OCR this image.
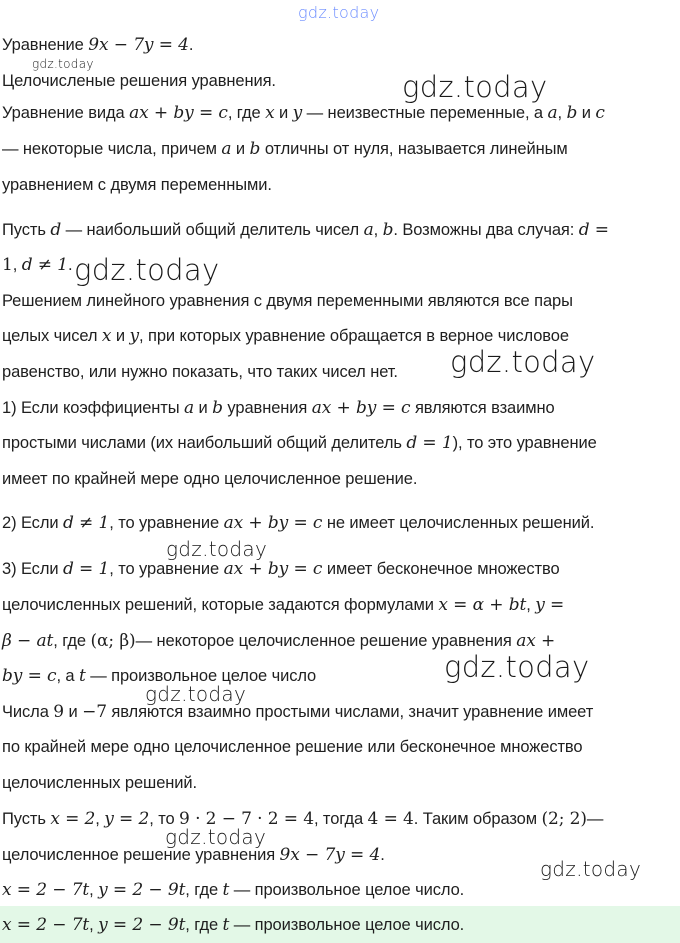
gdz.today
gdz.today
gdz.today
gdz.today
gdz.today
gdz.today
gdz.today
gdz.today
gdz.today
gdz.today
Уравнение 9x − 7y = 4.
Целочисленые решения уравнения.
Уравнение вида ax + by = c, где x и y — неизвестные переменные, а a, b и c
— некоторые числа, причем a и b отличны от нуля, называется линейным
уравнением с двумя переменными.
Пусть d — наибольший общий делитель чисел a, b. Возможны два случая: d =
1, d ≠ 1.
Решением линейного уравнения с двумя переменными являются все пары
целых чисел x и y, при которых уравнение обращается в верное числовое
равенство, или нужно показать, что таких чисел нет.
1) Если коэффициенты a и b уравнения ax + by = c являются взаимно
простыми числами (их наибольший общий делитель d = 1), то это уравнение
имеет по крайней мере одно целочисленное решение.
2) Если d ≠ 1, то уравнение ax + by = c не имеет целочисленных решений.
3) Если d = 1, то уравнение ax + by = c имеет бесконечное множество
целочисленных решений, которые задаются формулами x = α + bt, y =
β − at, где (α; β)— некоторое целочисленное решение уравнения ax +
by = c, а t — произвольное целое число
Числа 9 и −7 являются взаимно простыми числами, значит уравнение имеет
по крайней мере одно целочисленное решение или бесконечное множество
целочисленных решений.
Пусть x = 2, y = 2, то 9 · 2 − 7 · 2 = 4, тогда 4 = 4. Таким образом (2; 2)—
целочисленное решение уравнения 9x − 7y = 4.
x = 2 − 7t, y = 2 − 9t, где t — произвольное целое число.
x = 2 − 7t, y = 2 − 9t, где t — произвольное целое число.
